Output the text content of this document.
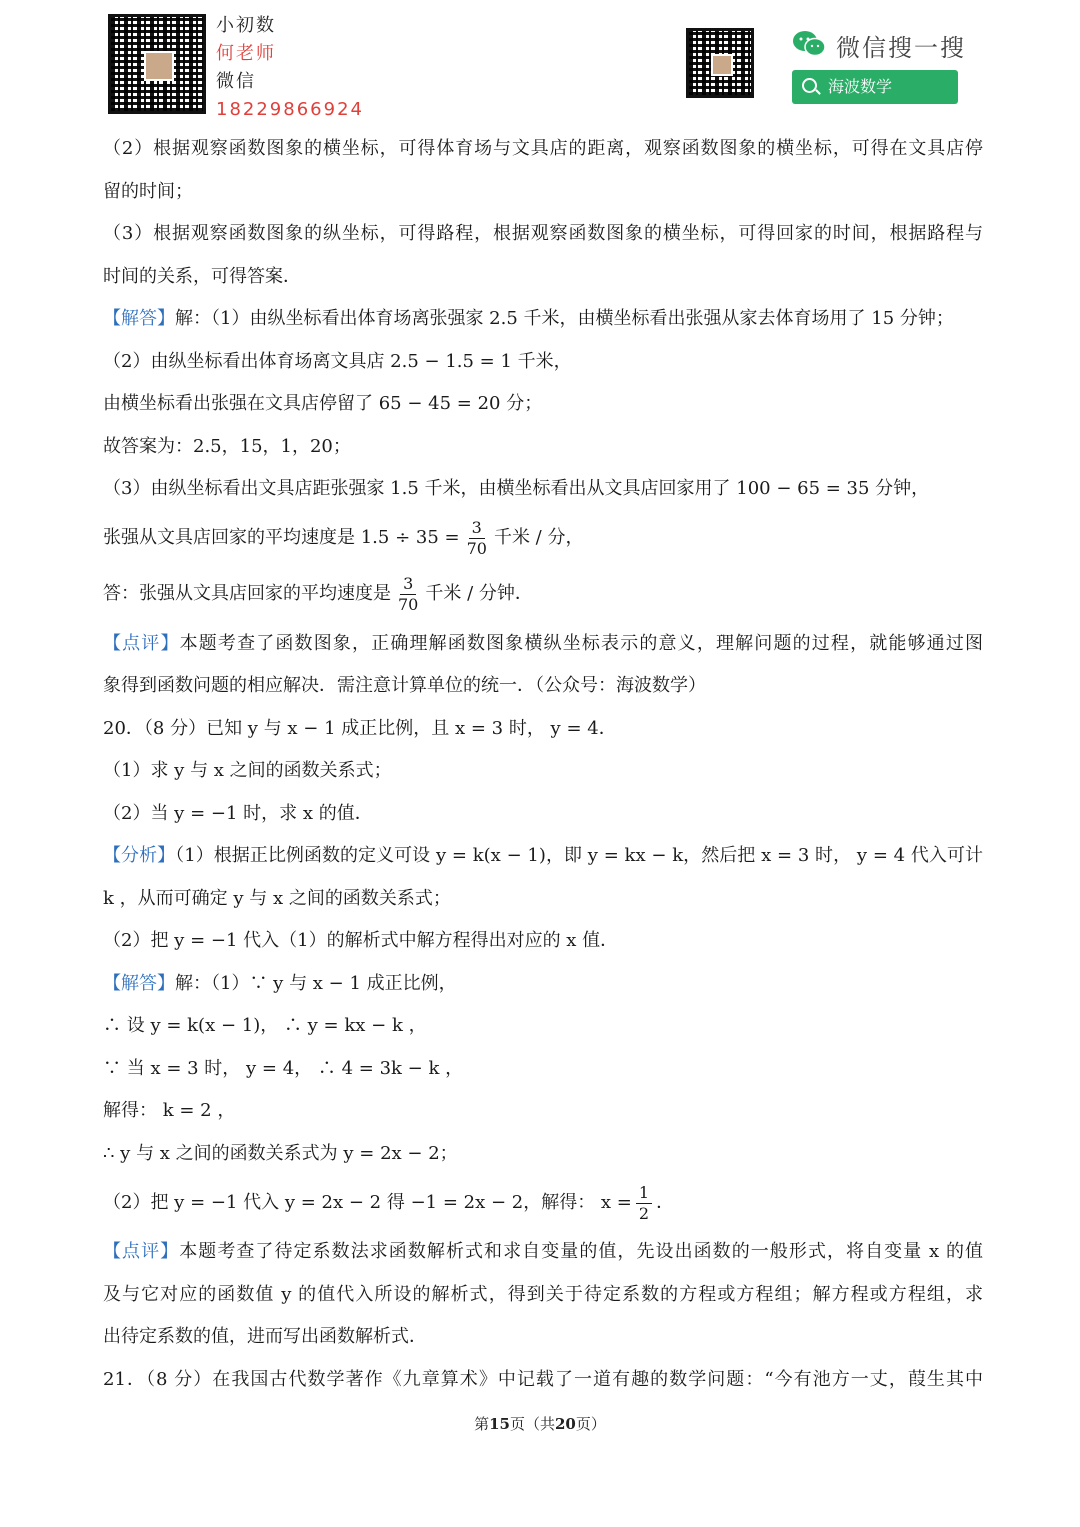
小初数
何老师
微信
18229866924
微信搜一搜
海波数学
（2）根据观察函数图象的横坐标，可得体育场与文具店的距离，观察函数图象的横坐标，可得在文具店停
留的时间；
（3）根据观察函数图象的纵坐标，可得路程，根据观察函数图象的横坐标，可得回家的时间，根据路程与
时间的关系，可得答案．
【解答】解：（1）由纵坐标看出体育场离张强家 2.5 千米，由横坐标看出张强从家去体育场用了 15 分钟；
（2）由纵坐标看出体育场离文具店 2.5 − 1.5 = 1 千米，
由横坐标看出张强在文具店停留了 65 − 45 = 20 分；
故答案为：2.5，15，1，20；
（3）由纵坐标看出文具店距张强家 1.5 千米，由横坐标看出从文具店回家用了 100 − 65 = 35 分钟，
张强从文具店回家的平均速度是 $1.5 \div 35 = \frac{3}{70}$ 千米 / 分，
答：张强从文具店回家的平均速度是 $\frac{3}{70}$ 千米 / 分钟．
【点评】本题考查了函数图象，正确理解函数图象横纵坐标表示的意义，理解问题的过程，就能够通过图
象得到函数问题的相应解决．需注意计算单位的统一．（公众号：海波数学）
20．（8 分）已知 y 与 x − 1 成正比例，且 x = 3 时， y = 4．
（1）求 y 与 x 之间的函数关系式；
（2）当 y = −1 时，求 x 的值．
【分析】（1）根据正比例函数的定义可设 y = k(x − 1)，即 y = kx − k，然后把 x = 3 时， y = 4 代入可计
k ，从而可确定 y 与 x 之间的函数关系式；
（2）把 y = −1 代入（1）的解析式中解方程得出对应的 x 值．
【解答】解：（1）∵ y 与 x − 1 成正比例，
∴ 设 y = k(x − 1)， ∴ y = kx − k ，
∵ 当 x = 3 时， y = 4， ∴ 4 = 3k − k ，
解得： k = 2 ，
∴ y 与 x 之间的函数关系式为 y = 2x − 2；
（2）把 y = −1 代入 y = 2x − 2 得 −1 = 2x − 2，解得： $x = \frac{1}{2}$ ．
【点评】本题考查了待定系数法求函数解析式和求自变量的值，先设出函数的一般形式，将自变量 x 的值
及与它对应的函数值 y 的值代入所设的解析式，得到关于待定系数的方程或方程组；解方程或方程组，求
出待定系数的值，进而写出函数解析式．
21．（8 分）在我国古代数学著作《九章算术》中记载了一道有趣的数学问题：“今有池方一丈，葭生其中
第15页（共20页）
